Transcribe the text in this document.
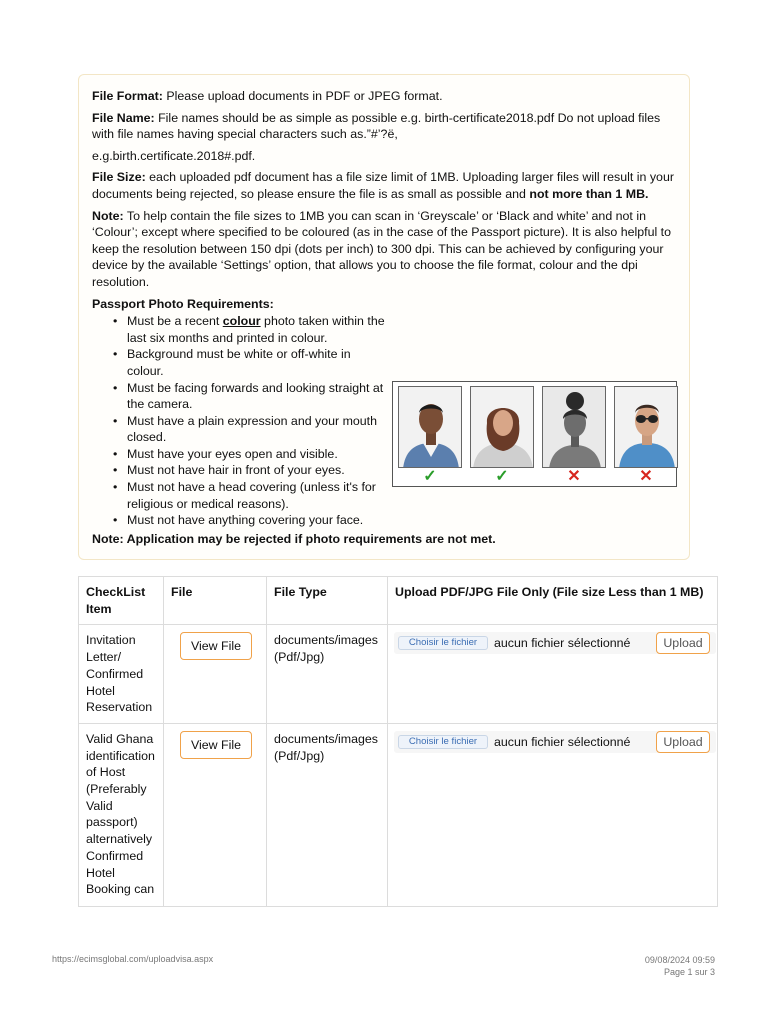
File Format: Please upload documents in PDF or JPEG format.

File Name: File names should be as simple as possible e.g. birth-certificate2018.pdf Do not upload files with file names having special characters such as.”#’?ë,

e.g.birth.certificate.2018#.pdf.

File Size: each uploaded pdf document has a file size limit of 1MB. Uploading larger files will result in your documents being rejected, so please ensure the file is as small as possible and not more than 1 MB.

Note: To help contain the file sizes to 1MB you can scan in ‘Greyscale’ or ‘Black and white’ and not in ‘Colour’; except where specified to be coloured (as in the case of the Passport picture). It is also helpful to keep the resolution between 150 dpi (dots per inch) to 300 dpi. This can be achieved by configuring your device by the available ‘Settings’ option, that allows you to choose the file format, colour and the dpi resolution.

Passport Photo Requirements:

• Must be a recent colour photo taken within the last six months and printed in colour.
• Background must be white or off-white in colour.
• Must be facing forwards and looking straight at the camera.
• Must have a plain expression and your mouth closed.
• Must have your eyes open and visible.
• Must not have hair in front of your eyes.
• Must not have a head covering (unless it's for religious or medical reasons).
• Must not have anything covering your face.
✓	✓	✕	✕
Note: Application may be rejected if photo requirements are not met.
CheckList Item	File	File Type	Upload PDF/JPG File Only (File size Less than 1 MB)
Invitation Letter/ Confirmed Hotel Reservation	View File	documents/images (Pdf/Jpg)	Choisir le fichier aucun fichier sélectionné Upload

Valid Ghana identification of Host (Preferably Valid passport) alternatively Confirmed Hotel Booking can	View File	documents/images (Pdf/Jpg)	Choisir le fichier aucun fichier sélectionné Upload
https://ecimsglobal.com/uploadvisa.aspx	09/08/2024 09:59
Page 1 sur 3
